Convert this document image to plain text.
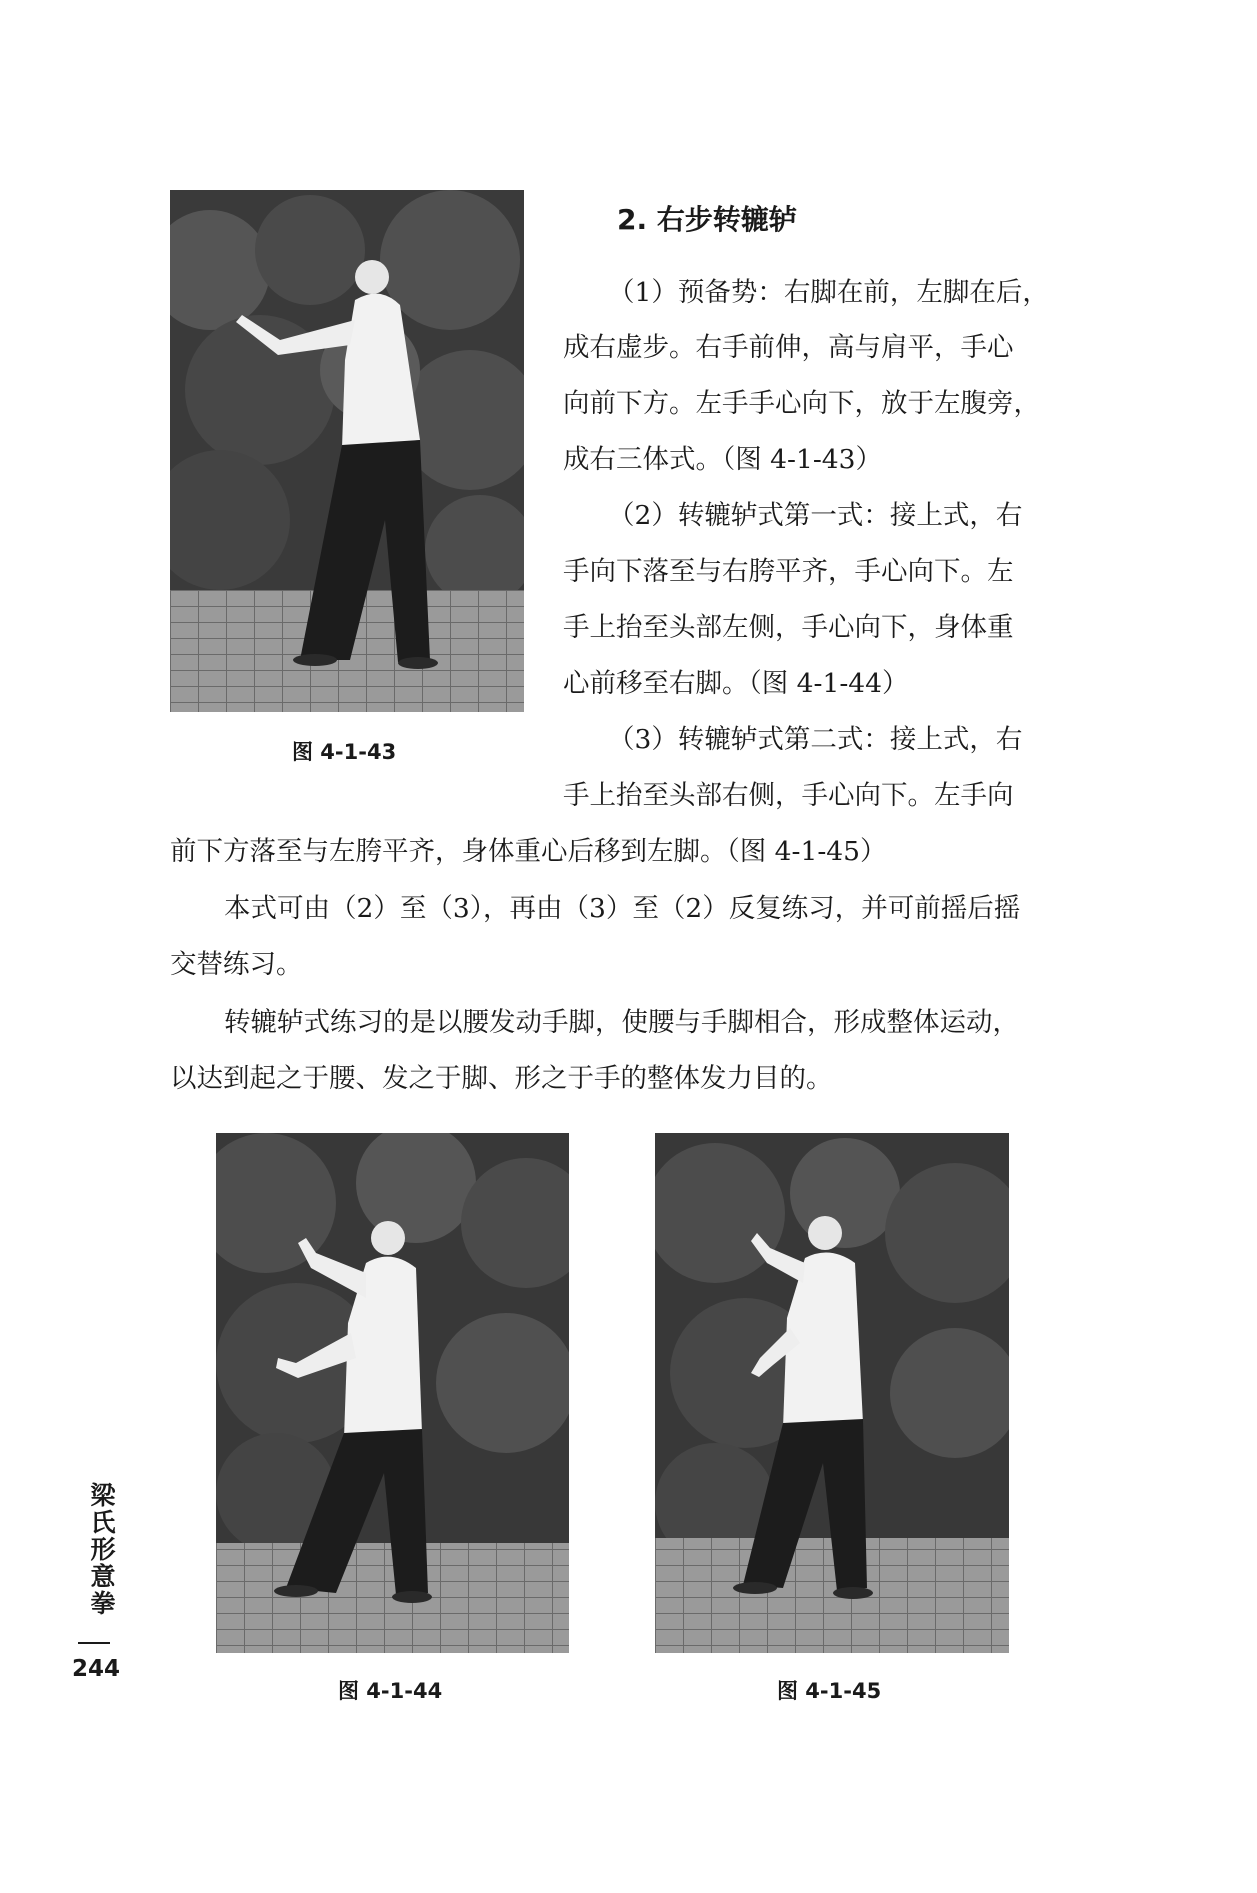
图 4-1-43
2. 右步转辘轳
（1）预备势：右脚在前，左脚在后，
成右虚步。右手前伸，高与肩平，手心
向前下方。左手手心向下，放于左腹旁，
成右三体式。（图 4-1-43）
（2）转辘轳式第一式：接上式，右
手向下落至与右胯平齐，手心向下。左
手上抬至头部左侧，手心向下，身体重
心前移至右脚。（图 4-1-44）
（3）转辘轳式第二式：接上式，右
手上抬至头部右侧，手心向下。左手向
前下方落至与左胯平齐，身体重心后移到左脚。（图 4-1-45）
本式可由（2）至（3），再由（3）至（2）反复练习，并可前摇后摇
交替练习。
转辘轳式练习的是以腰发动手脚，使腰与手脚相合，形成整体运动，
以达到起之于腰、发之于脚、形之于手的整体发力目的。
图 4-1-44	图 4-1-45
梁氏形意拳
244
